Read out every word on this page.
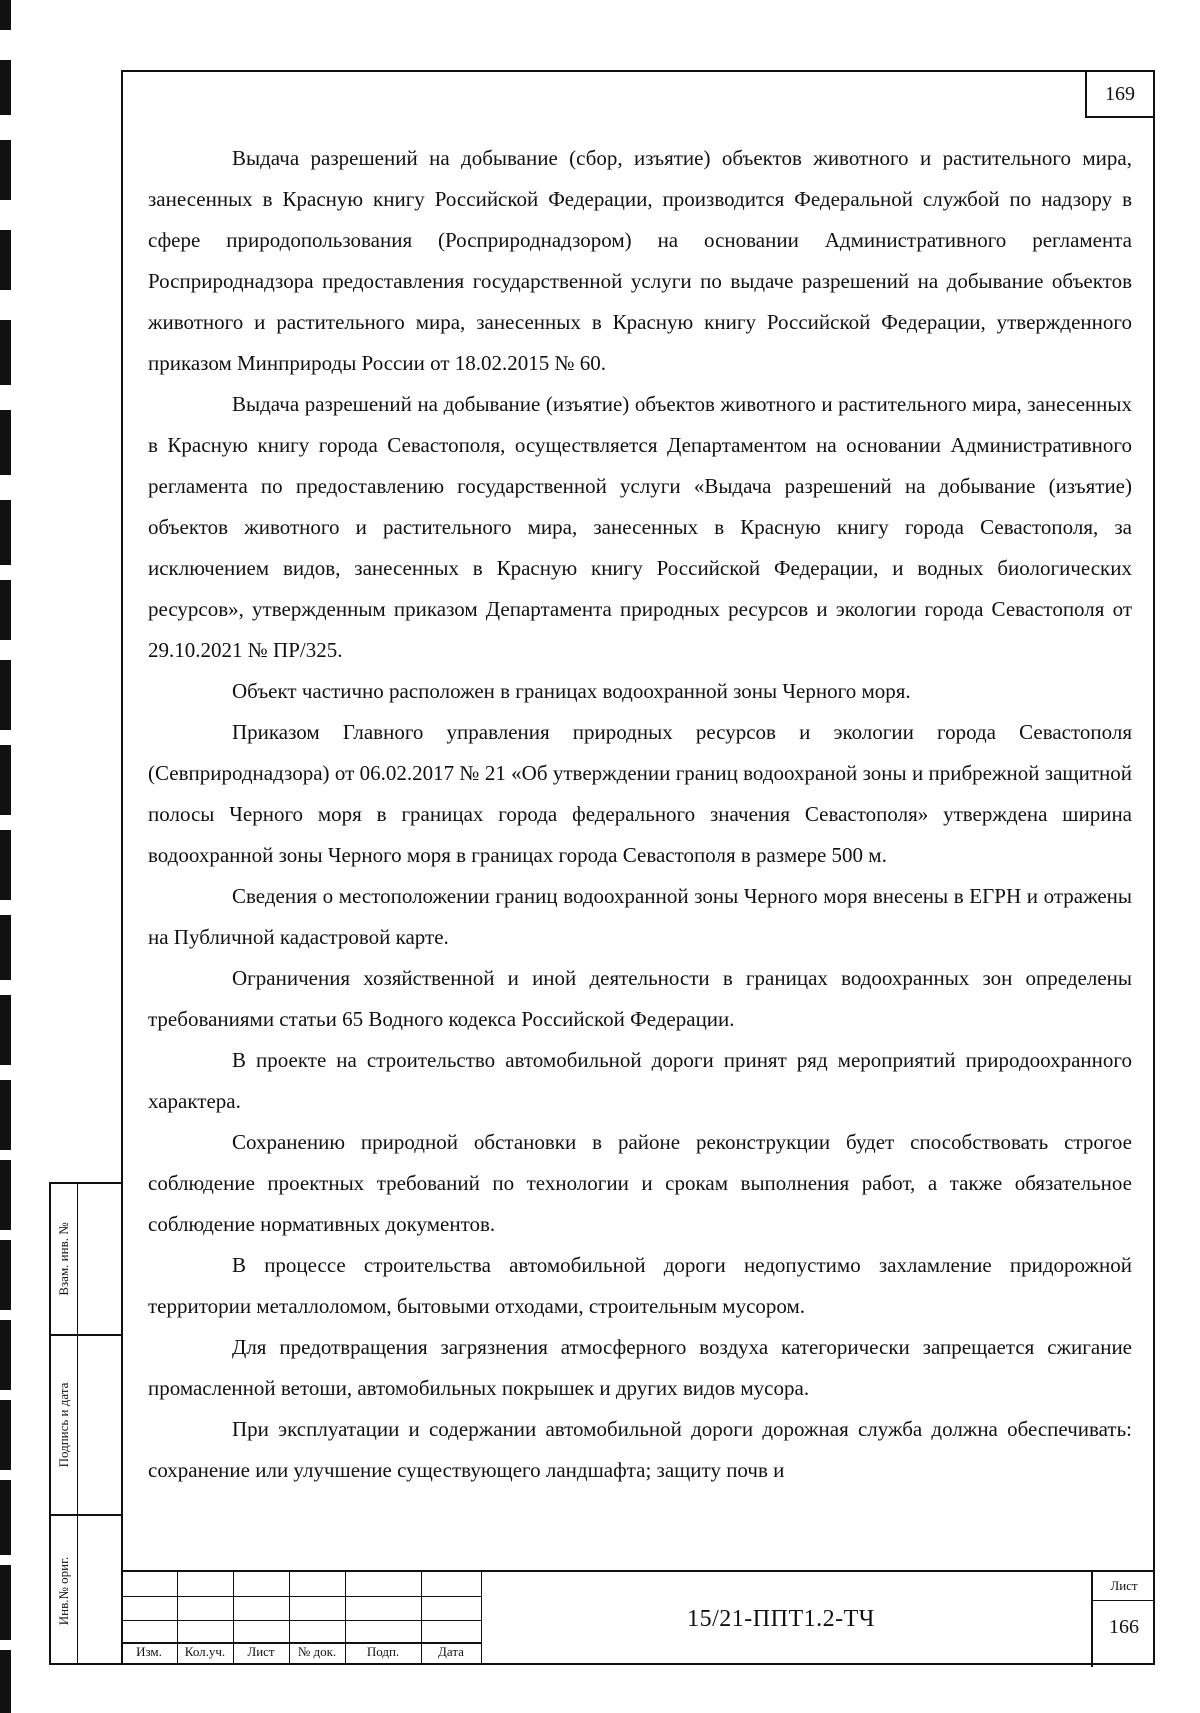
169

Выдача разрешений на добывание (сбор, изъятие) объектов животного и растительного мира, занесенных в Красную книгу Российской Федерации, производится Федеральной службой по надзору в сфере природопользования (Росприроднадзором) на основании Административного регламента Росприроднадзора предоставления государственной услуги по выдаче разрешений на добывание объектов животного и растительного мира, занесенных в Красную книгу Российской Федерации, утвержденного приказом Минприроды России от 18.02.2015 № 60.

Выдача разрешений на добывание (изъятие) объектов животного и растительного мира, занесенных в Красную книгу города Севастополя, осуществляется Департаментом на основании Административного регламента по предоставлению государственной услуги «Выдача разрешений на добывание (изъятие) объектов животного и растительного мира, занесенных в Красную книгу города Севастополя, за исключением видов, занесенных в Красную книгу Российской Федерации, и водных биологических ресурсов», утвержденным приказом Департамента природных ресурсов и экологии города Севастополя от 29.10.2021 № ПР/325.

Объект частично расположен в границах водоохранной зоны Черного моря.

Приказом Главного управления природных ресурсов и экологии города Севастополя (Севприроднадзора) от 06.02.2017 № 21 «Об утверждении границ водоохраной зоны и прибрежной защитной полосы Черного моря в границах города федерального значения Севастополя» утверждена ширина водоохранной зоны Черного моря в границах города Севастополя в размере 500 м.

Сведения о местоположении границ водоохранной зоны Черного моря внесены в ЕГРН и отражены на Публичной кадастровой карте.

Ограничения хозяйственной и иной деятельности в границах водоохранных зон определены требованиями статьи 65 Водного кодекса Российской Федерации.

В проекте на строительство автомобильной дороги принят ряд мероприятий природоохранного характера.

Сохранению природной обстановки в районе реконструкции будет способствовать строгое соблюдение проектных требований по технологии и срокам выполнения работ, а также обязательное соблюдение нормативных документов.

В процессе строительства автомобильной дороги недопустимо захламление придорожной территории металлоломом, бытовыми отходами, строительным мусором.

Для предотвращения загрязнения атмосферного воздуха категорически запрещается сжигание промасленной ветоши, автомобильных покрышек и других видов мусора.

При эксплуатации и содержании автомобильной дороги дорожная служба должна обеспечивать: сохранение или улучшение существующего ландшафта; защиту почв и

Взам. инв. №
Подпись и дата
Инв.№ ориг.
Изм.	Кол.уч.	Лист	№ док.	Подп.	Дата
15/21-ППТ1.2-ТЧ
Лист
166
